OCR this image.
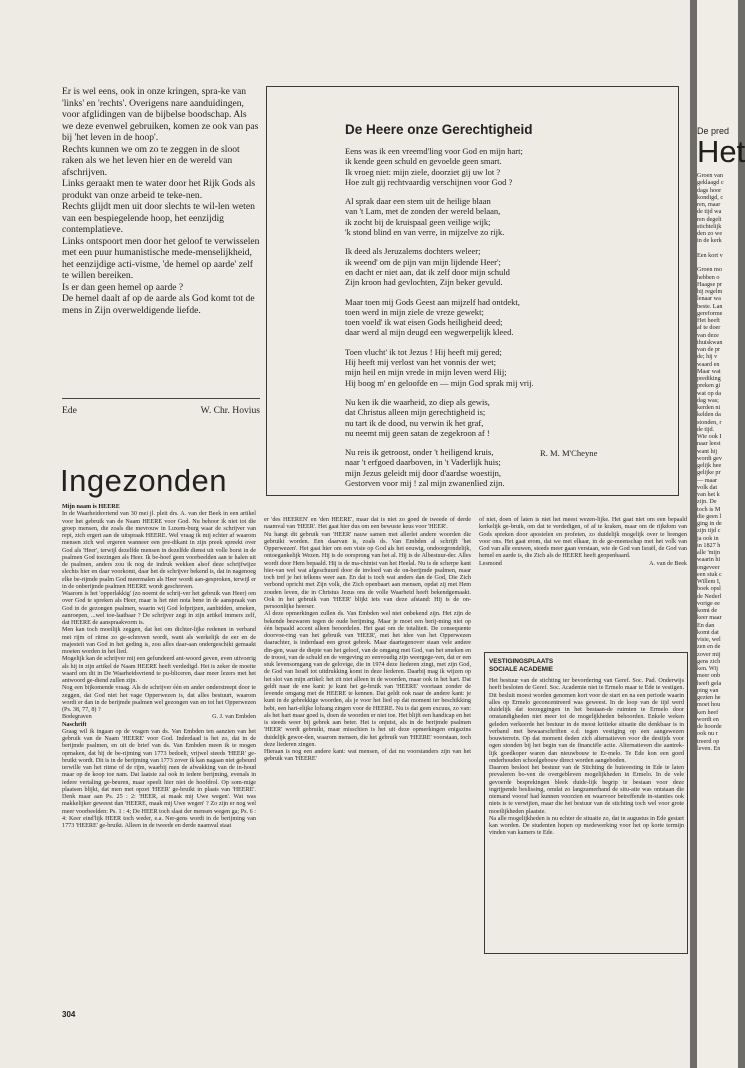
Er is wel eens, ook in onze kringen, spra-ke van 'links' en 'rechts'. Overigens nare aanduidingen, voor afglidingen van de bijbelse boodschap. Als we deze evenwel gebruiken, komen ze ook van pas bij 'het leven in de hoop'.

Rechts kunnen we om zo te zeggen in de sloot raken als we het leven hier en de wereld van afschrijven.

Links geraakt men te water door het Rijk Gods als produkt van onze arbeid te teke-nen.

Rechts glijdt men uit door slechts te wil-len weten van een bespiegelende hoop, het eenzijdig contemplatieve.

Links ontspoort men door het geloof te verwisselen met een puur humanistische mede-menselijkheid, het eenzijdige acti-visme, 'de hemel op aarde' zelf te willen bereiken.

Is er dan geen hemel op aarde ?

De hemel daalt af op de aarde als God komt tot de mens in Zijn overweldigende liefde.

Ede	W. Chr. Hovius
De Heere onze Gerechtigheid
Eens was ik een vreemd'ling voor God en mijn hart;
ik kende geen schuld en gevoelde geen smart.
Ik vroeg niet: mijn ziele, doorziet gij uw lot ?
Hoe zult gij rechtvaardig verschijnen voor God ?
Al sprak daar een stem uit de heilige blaan
van 't Lam, met de zonden der wereld belaan,
ik zocht bij de kruispaal geen veilige wijk;
'k stond blind en van verre, in mijzelve zo rijk.
Ik deed als Jeruzalems dochters weleer;
ik weend' om de pijn van mijn lijdende Heer';
en dacht er niet aan, dat ik zelf door mijn schuld
Zijn kroon had gevlochten, Zijn beker gevuld.
Maar toen mij Gods Geest aan mijzelf had ontdekt,
toen werd in mijn ziele de vreze gewekt;
toen voeld' ik wat eisen Gods heiligheid deed;
daar werd al mijn deugd een wegwerpelijk kleed.
Toen vlucht' ik tot Jezus ! Hij heeft mij gered;
Hij heeft mij verlost van het vonnis der wet;
mijn heil en mijn vrede in mijn leven werd Hij;
Hij boog m' en geloofde en — mijn God sprak mij vrij.
Nu ken ik die waarheid, zo diep als gewis,
dat Christus alleen mijn gerechtigheid is;
nu tart ik de dood, nu verwin ik het graf,
nu neemt mij geen satan de zegekroon af !
Nu reis ik getroost, onder 't heiligend kruis,
naar 't erfgoed daarboven, in 't Vaderlijk huis;
mijn Jezus geleidt mij door d'aardse woestijn,
Gestorven voor mij ! zal mijn zwanenlied zijn.
R. M. M'Cheyne
Ingezonden

Mijn naam is HEERE

In de Waarheidsvriend van 30 mei jl. pleit drs. A. van der Beek in een artikel voor het gebruik van de Naam HEERE voor God. Nu behoor ik niet tot die groep mensen, die zoals die mevrouw in Luxem-burg waar de schrijver van rept, zich ergert aan de uitspraak HEERE. Wel vraag ik mij echter af waarom mensen zich wel ergeren wanneer een pre-dikant in zijn preek spreekt over God als 'Heer', terwijl dezelfde mensen in dezelfde dienst uit volle borst in de psalmen God toezingen als Heer. Ik be-hoef geen voorbeelden aan te halen uit de psalmen, anders zou ik nog de indruk wekken alsof deze schrijfwijze slechts hier en daar voorkomt, daar het de schrijver bekend is, dat in nagenoeg elke be-rijmde psalm God meermalen als Heer wordt aan-gesproken, terwijl er in de onberijmde psalmen HEERE wordt geschreven.

Waarom is het 'opperlakkig' (zo noemt de schrij-ver het gebruik van Heer) om over God te spreken als Heer, maar is het niet nota bene in de aanspraak van God in de gezongen psalmen, waarin wij God lofprijzen, aanbidden, smeken, aanroepen, ...wel toe-laatbaar ? De schrijver zegt in zijn artikel immers zelf, dat HEERE de aanspraakvorm is.

Men kan toch moeilijk zeggen, dat het om dichter-lijke redenen in verband met rijm of ritme zo ge-schreven wordt, want als werkelijk de eer en de majesteit van God in het geding is, zou alles daar-aan ondergeschikt gemaakt moeten worden in het lied.

Mogelijk kan de schrijver mij een gefundeerd ant-woord geven, even uitvoerig als hij in zijn artikel de Naam HEERE heeft verdedigd. Het is zeker de moeite waard om dit in De Waarheidsvriend te pu-bliceren, daar meer lezers met het antwoord ge-diend zullen zijn.

Nog een bijkomende vraag. Als de schrijver één en ander onderstreept door te zeggen, dat God niet het vage Opperwezen is, dat alles bestuurt, waarom wordt er dan in de berijmde psalmen wel gezongen van en tot het Opperwezen (Ps. 38, 77, 8) ?

Bodegraven	G. J. van Embden

Naschrift

Graag wil ik ingaan op de vragen van ds. Van Embden ten aanzien van het gebruik van de Naam 'HEERE' voor God. Inderdaad is het zo, dat in de berijmde psalmen, en uit de brief van ds. Van Embden meen ik te mogen opmaken, dat hij de be-rijming van 1773 bedoelt, vrijwel steeds 'HEER' ge-bruikt wordt. Dit is in de berijming van 1773 zover ik kan nagaan niet gebeurd terwille van het ritme of de rijm, waarbij men de afwakking van de in-houd maar op de koop toe nam. Dat laatste zal ook in iedere berijming, evenals in iedere vertaling ge-beuren, maar speelt hier niet de hoofdrol. Op som-mige plaatsen blijkt, dat men met opzet 'HEER' ge-bruikt in plaats van 'HEERE'. Denk maar aan Ps. 25 : 2: 'HEER, ai maak mij Uwe wegen'. Wat was makkelijker geweest dan 'HEERE, maak mij Uwe wegen' ? Zo zijn er nog wel meer voorbeelden: Ps. 1 : 4; De HEER toch slaat der mensen wegen ga; Ps. 6 : 4: Keer eind'lijk HEER toch weder, e.a. Ner-gens wordt in de berijming van 1773 'HEERE' ge-bruikt. Alleen in de tweede en derde naamval staat

er 'des HEEREN' en 'den HEERE', maar dat is niet zo goed de tweede of derde naamval van 'HEER'. Het gaat hier dus om een bewuste keus voor 'HEER'.

Nu hangt dit gebruik van 'HEER' nauw samen met allerlei andere woorden die gebruikt worden. Een daarvan is, zoals ds. Van Embden al schrijft 'het Opperwezen'. Het gaat hier om een visie op God als het eeuwig, ondoorgrondelijk, ontoegankelijk Wezen. Hij is de oorsprong van het al. Hij is de Albestuur-der. Alles wordt door Hem bepaald. Hij is de ma-chinist van het Heelal. Nu is de scherpe kant hier-van wel wat afgeschuurd door de invloed van de on-berijmde psalmen, maar toch tref je het telkens weer aan. En dat is toch wat anders dan de God, Die Zich verbond opricht met Zijn volk, die Zich openbaart aan mensen, opdat zij met Hem zouden leven, die in Christus Jezus ons de volle Waarheid heeft bekendgemaakt. Ook in het gebruik van 'HEER' blijkt iets van deze afstand: Hij is de on-persoonlijke heerser.

Al deze opmerkingen zullen ds. Van Embden wel niet onbekend zijn. Het zijn de bekende bezwaren tegen de oude berijming. Maar je moet een berij-ming niet op één bepaald accent alleen beoordelen. Het gaat om de totaliteit. De consequente doorvoe-ring van het gebruik van 'HEER', met het idee van het Opperwezen daarachter, is inderdaad een groot gebrek. Maar daartegenover staan vele andere din-gen, waar de diepte van het geloof, van de omgang met God, van het smeken en de troost, van de schuld en de vergeving zo eenvoudig zijn weergege-ven, dat er een stuk levensomgang van de gelovige, die in 1974 deze liederen zingt, met zijn God, de God van Israël tot uitdrukking komt in deze liederen. Daarbij mag ik wijzen op het slot van mijn artikel: het zit niet alleen in de woorden, maar ook in het hart. Dat geldt naar de ene kant: je kunt het ge-bruik van 'HEERE' voortaan zonder de levende omgang met de HEERE te kennen. Dat geldt ook naar de andere kant: je kunt in de gebrekkige woorden, als je voor het lied op dat moment ter beschikking hebt, een hart-elijke lofzang zingen voor de HEERE. Nu is dat geen excuus, zo van: als het hart maar goed is, doen de woorden er niet toe. Het blijft een handicap en het is steeds weer bij gebrek aan beter. Het is onjuist, als in de berijmde psalmen 'HEER' wordt gebruikt, maar misschien is het uit deze opmerkingen enigszins duidelijk gewor-den, waarom mensen, die het gebruik van 'HEERE' voorstaan, toch deze liederen zingen.

Hieraan is nog een andere kant: wat mensen, of dat nu voorstanders zijn van het gebruik van 'HEERE'

of niet, doen of laten is niet het meest wezen-lijke. Het gaat niet om een bepaald kerkelijk ge-bruik, om dat te verdedigen, of af te kraken, maar om de rijkdom van Gods spreken door apostelen en profeten, zo duidelijk mogelijk over te brengen voor ons. Het gaat erom, dat we met elkaar, in de ge-meenschap met het volk van God van alle eeuwen, steeds meer gaan verstaan, wie de God van Israël, de God van hemel en aarde is, die Zich als de HEERE heeft geopenbaard.

Lesmond	A. van de Beek
VESTIGINGSPLAATS
SOCIALE ACADEMIE

Het bestuur van de stichting ter bevordering van Geref. Soc. Pad. Onderwijs heeft besloten de Geref. Soc. Academie niet te Ermelo maar te Ede te vestigen. Dit besluit moest worden genomen kort voor de start en na een periode waarin alles op Ermelo geconcentreerd was geweest. In de loop van de tijd werd duidelijk dat toezeggingen in het bestaan-de ruimten te Ermelo door omstandigheden niet meer tot de mogelijkheden behoorden. Enkele weken geleden verkeerde het bestuur in de meest kritieke situatie die denkbaar is in verband met bewaarschriften e.d. tegen vestiging op een aangewezen bouwterrein. Op dat moment deden zich alternatieven voor die destijds voor ogen stonden bij het begin van de financiële actie. Alternatieven die aantrek-lijk goedkoper waren dan nieuwbouw te Er-melo. Te Ede kon een goed onderhouden schoolgebouw direct worden aangeboden.

Daarom besloot het bestuur van de Stichting de huisvesting in Ede te laten prevaleren bo-ven de overgebleven mogelijkheden in Ermelo. In de vele gevoerde besprekingen bleek duide-lijk begrip te bestaan voor deze ingrijpende beslissing, omdat zo langzamerhand de situ-atie was ontstaan die niemand vooraf had kunnen voorzien en waarvoor betreffende in-stanties ook niets is te verwijten, maar die het bestuur van de stichting toch wel voor grote moeilijkheden plaatste.

Na alle mogelijkheden is nu echter de situatie zo, dat in augustus in Ede gestart kan worden. De studenten hopen op medewerking voor het op korte termijn vinden van kamers te Ede.

304
De pred
Het
Groen van
geklaagd c
dags hoor
kondigd, c
ren, maar
de tijd wa
ren degeli
stichtelijk
den zo we
in de kerk

Een kort v

Groen mo
hebben o
Haagse pr
hij regelm
lenaar wa
beste. Lan
gereforme
Het heeft
af te doer
van deze
thuiskwan
van de pr
de; hij v
waard en
Maar wat
prediking
preken gi
wat op da
dag was;
kerden ni
kelden da
stonden, r
de tijd.
Wie ook I
naar leest
want hij
wordt gev
gelijk hee
gelijke pr
— maar
volk dat
van het k
zijn. De
toch is M
die geen l
ging in de
zijn tijd c
ja ook in
in 1827 h
alle 'mijn
waarin hi
ongeveer
een stuk c
Willem I,
boek opsl
de Nederl
vorige ee
komt de
keer maar
En dan
komt dat
visie, wel
zen en de
zover mij
gens zich
ken. Wij
meer onb
heeft gela
ping van
gezien he
moet hou
ken heef
wordt en
de hoorde
ook nu r
treerd op
leven. En
